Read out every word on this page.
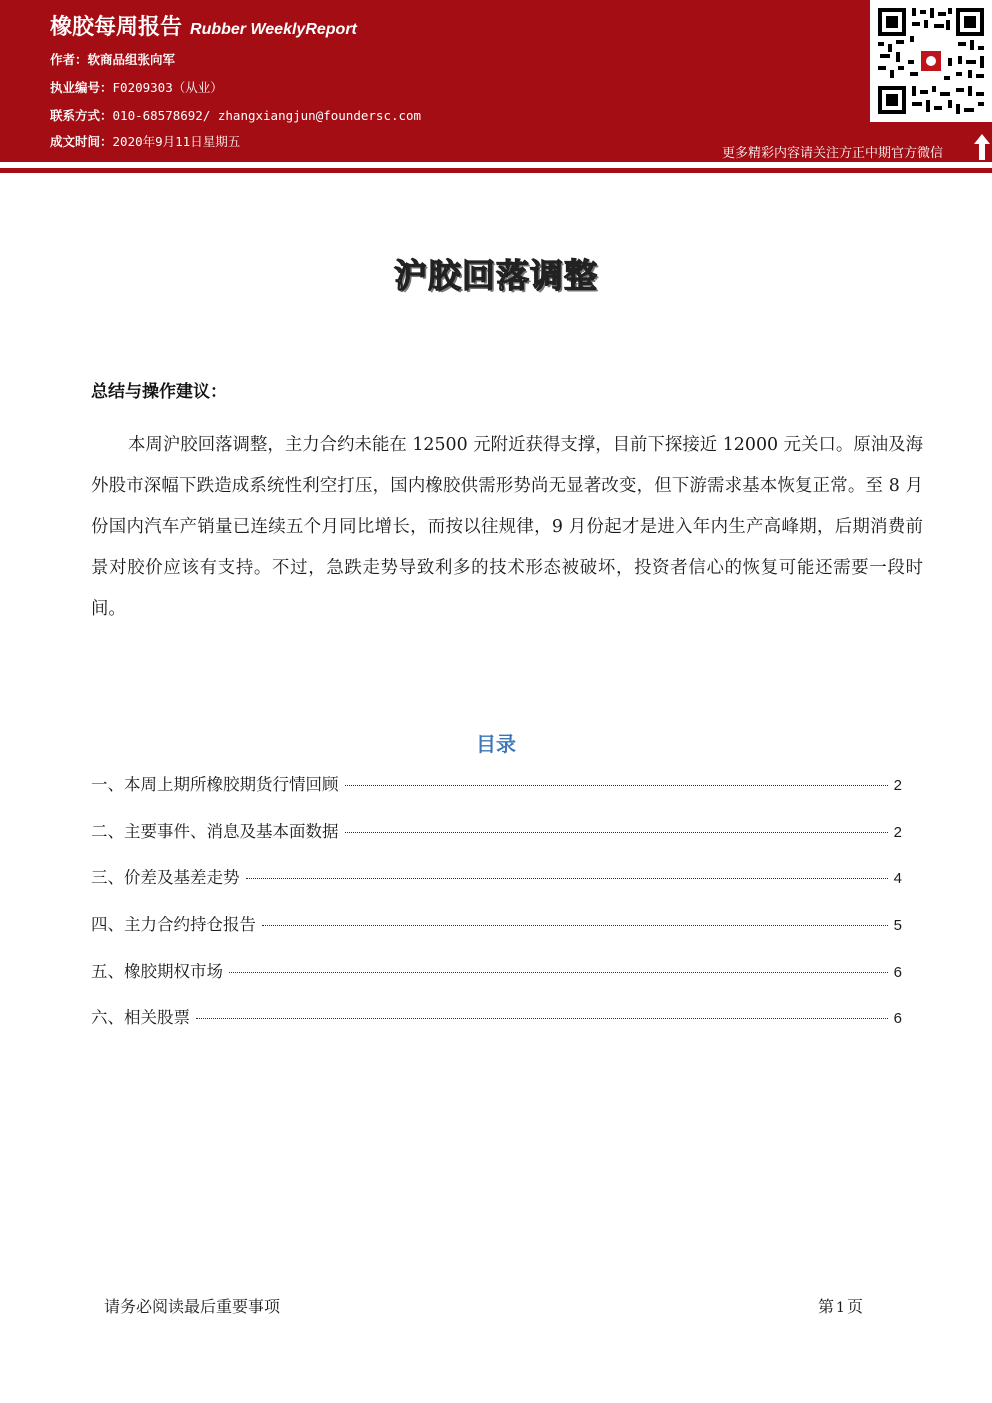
橡胶每周报告 Rubber WeeklyReport
作者：软商品组张向军
执业编号：F0209303（从业）
联系方式：010-68578692/ zhangxiangjun@foundersc.com
成文时间：2020年9月11日星期五
更多精彩内容请关注方正中期官方微信
沪胶回落调整
总结与操作建议：
本周沪胶回落调整，主力合约未能在 12500 元附近获得支撑，目前下探接近 12000 元关口。原油及海外股市深幅下跌造成系统性利空打压，国内橡胶供需形势尚无显著改变，但下游需求基本恢复正常。至 8 月份国内汽车产销量已连续五个月同比增长，而按以往规律，9 月份起才是进入年内生产高峰期，后期消费前景对胶价应该有支持。不过，急跌走势导致利多的技术形态被破坏，投资者信心的恢复可能还需要一段时间。
目录
一、本周上期所橡胶期货行情回顾	2
二、主要事件、消息及基本面数据	2
三、价差及基差走势	4
四、主力合约持仓报告	5
五、橡胶期权市场	6
六、相关股票	6
请务必阅读最后重要事项	第 1 页
